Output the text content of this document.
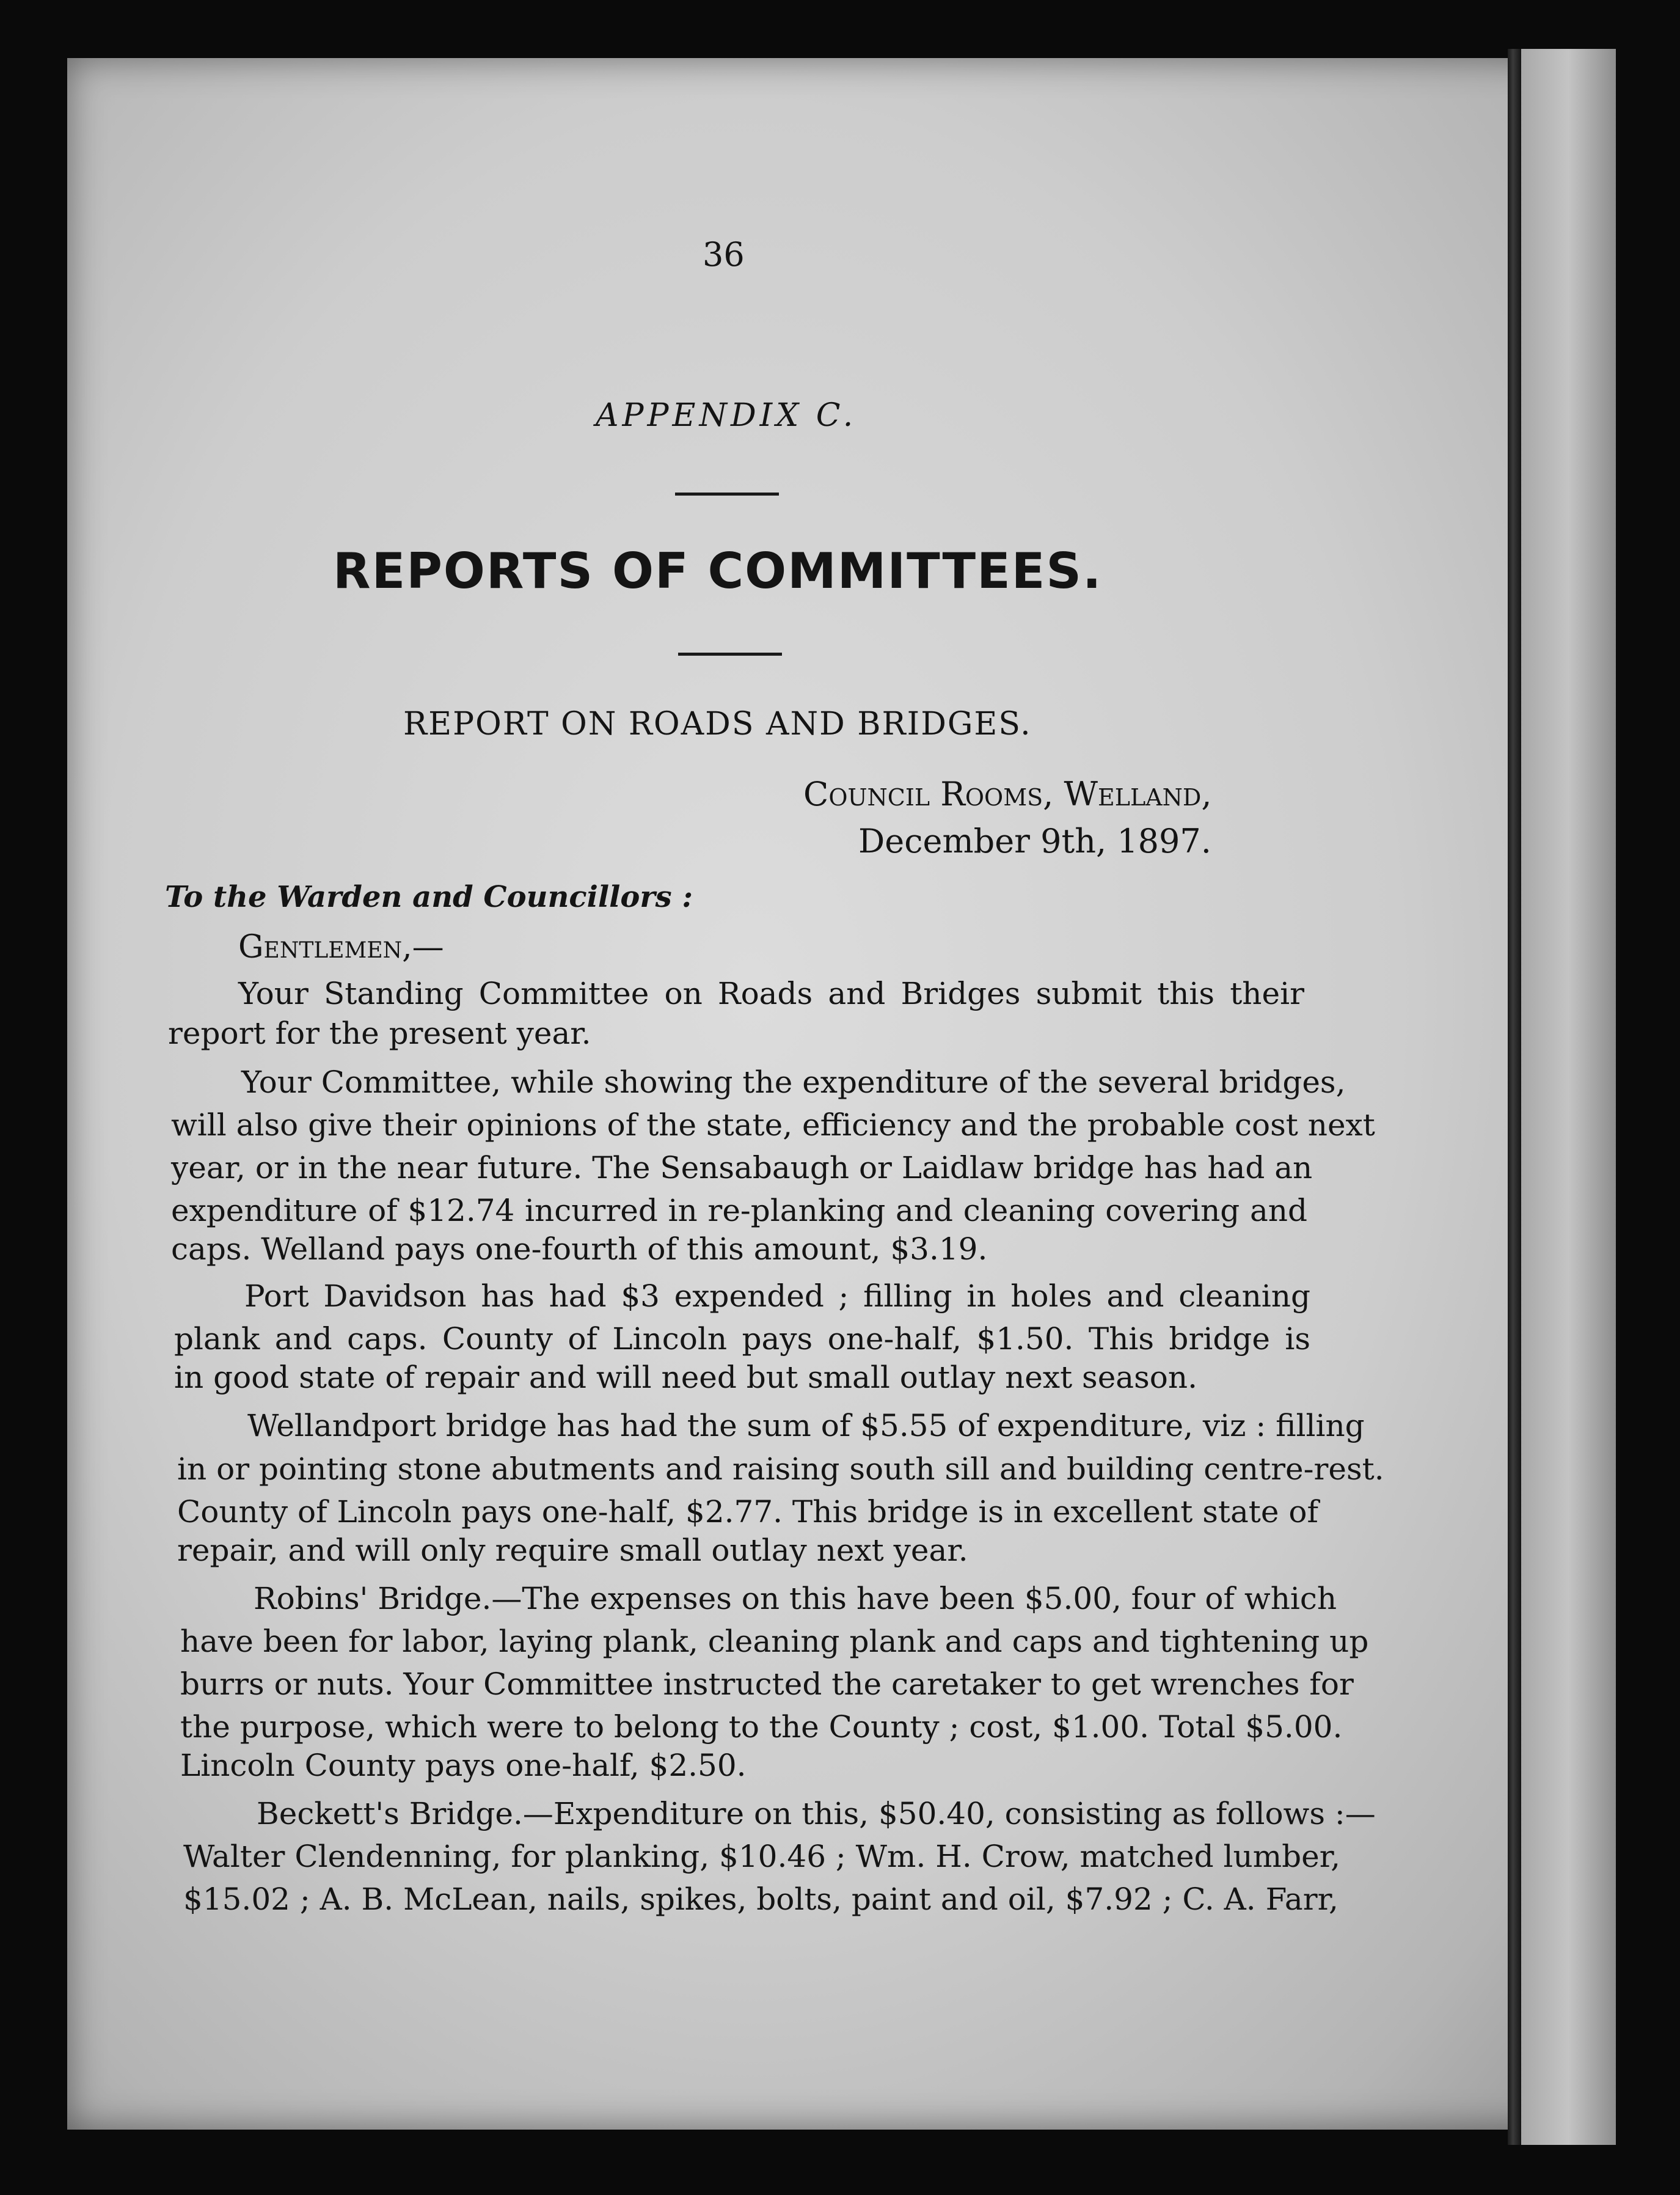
36
APPENDIX C.
REPORTS OF COMMITTEES.
REPORT ON ROADS AND BRIDGES.
Council Rooms, Welland,
December 9th, 1897.
To the Warden and Councillors :
Gentlemen,—
Your Standing Committee on Roads and Bridges submit this their
report for the present year.
Your Committee, while showing the expenditure of the several bridges,
will also give their opinions of the state, efficiency and the probable cost next
year, or in the near future. The Sensabaugh or Laidlaw bridge has had an
expenditure of $12.74 incurred in re-planking and cleaning covering and
caps. Welland pays one-fourth of this amount, $3.19.
Port Davidson has had $3 expended ; filling in holes and cleaning
plank and caps. County of Lincoln pays one-half, $1.50. This bridge is
in good state of repair and will need but small outlay next season.
Wellandport bridge has had the sum of $5.55 of expenditure, viz : filling
in or pointing stone abutments and raising south sill and building centre-rest.
County of Lincoln pays one-half, $2.77. This bridge is in excellent state of
repair, and will only require small outlay next year.
Robins' Bridge.—The expenses on this have been $5.00, four of which
have been for labor, laying plank, cleaning plank and caps and tightening up
burrs or nuts. Your Committee instructed the caretaker to get wrenches for
the purpose, which were to belong to the County ; cost, $1.00. Total $5.00.
Lincoln County pays one-half, $2.50.
Beckett's Bridge.—Expenditure on this, $50.40, consisting as follows :—
Walter Clendenning, for planking, $10.46 ; Wm. H. Crow, matched lumber,
$15.02 ; A. B. McLean, nails, spikes, bolts, paint and oil, $7.92 ; C. A. Farr,
